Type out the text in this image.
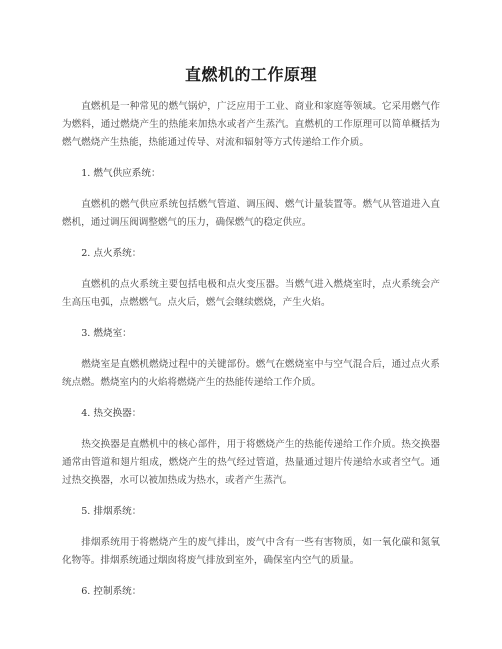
直燃机的工作原理

直燃机是一种常见的燃气锅炉，广泛应用于工业、商业和家庭等领域。它采用燃气作为燃料，通过燃烧产生的热能来加热水或者产生蒸汽。直燃机的工作原理可以简单概括为燃气燃烧产生热能，热能通过传导、对流和辐射等方式传递给工作介质。

1. 燃气供应系统：

直燃机的燃气供应系统包括燃气管道、调压阀、燃气计量装置等。燃气从管道进入直燃机，通过调压阀调整燃气的压力，确保燃气的稳定供应。

2. 点火系统：

直燃机的点火系统主要包括电极和点火变压器。当燃气进入燃烧室时，点火系统会产生高压电弧，点燃燃气。点火后，燃气会继续燃烧，产生火焰。

3. 燃烧室：

燃烧室是直燃机燃烧过程中的关键部份。燃气在燃烧室中与空气混合后，通过点火系统点燃。燃烧室内的火焰将燃烧产生的热能传递给工作介质。

4. 热交换器：

热交换器是直燃机中的核心部件，用于将燃烧产生的热能传递给工作介质。热交换器通常由管道和翅片组成，燃烧产生的热气经过管道，热量通过翅片传递给水或者空气。通过热交换器，水可以被加热成为热水，或者产生蒸汽。

5. 排烟系统：

排烟系统用于将燃烧产生的废气排出，废气中含有一些有害物质，如一氧化碳和氮氧化物等。排烟系统通过烟囱将废气排放到室外，确保室内空气的质量。

6. 控制系统：
